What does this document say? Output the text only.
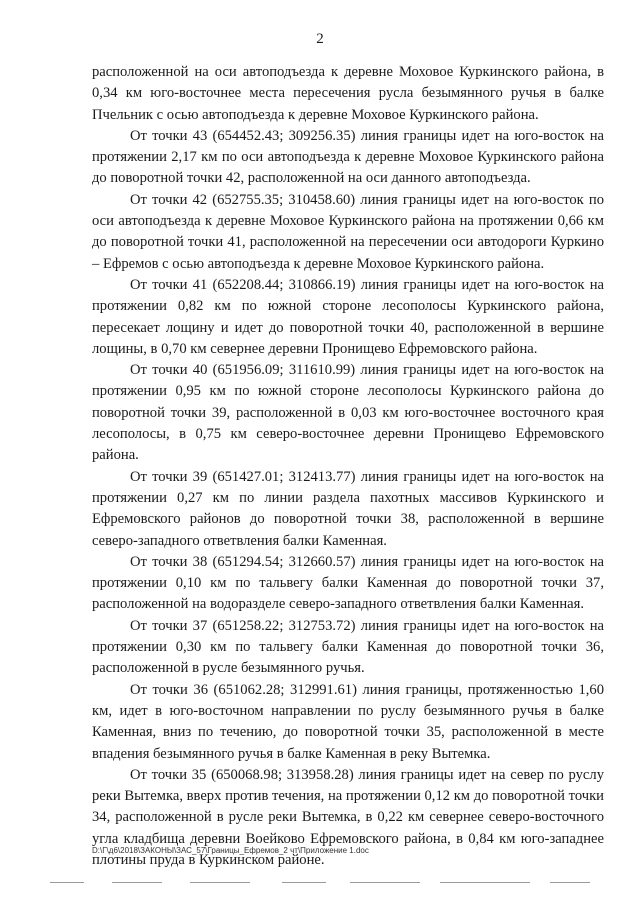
2

расположенной на оси автоподъезда к деревне Моховое Куркинского района, в 0,34 км юго-восточнее места пересечения русла безымянного ручья в балке Пчельник с осью автоподъезда к деревне Моховое Куркинского района.

От точки 43 (654452.43; 309256.35) линия границы идет на юго-восток на протяжении 2,17 км по оси автоподъезда к деревне Моховое Куркинского района до поворотной точки 42, расположенной на оси данного автоподъезда.

От точки 42 (652755.35; 310458.60) линия границы идет на юго-восток по оси автоподъезда к деревне Моховое Куркинского района на протяжении 0,66 км до поворотной точки 41, расположенной на пересечении оси автодороги Куркино – Ефремов с осью автоподъезда к деревне Моховое Куркинского района.

От точки 41 (652208.44; 310866.19) линия границы идет на юго-восток на протяжении 0,82 км по южной стороне лесополосы Куркинского района, пересекает лощину и идет до поворотной точки 40, расположенной в вершине лощины, в 0,70 км севернее деревни Пронищево Ефремовского района.

От точки 40 (651956.09; 311610.99) линия границы идет на юго-восток на протяжении 0,95 км по южной стороне лесополосы Куркинского района до поворотной точки 39, расположенной в 0,03 км юго-восточнее восточного края лесополосы, в 0,75 км северо-восточнее деревни Пронищево Ефремовского района.

От точки 39 (651427.01; 312413.77) линия границы идет на юго-восток на протяжении 0,27 км по линии раздела пахотных массивов Куркинского и Ефремовского районов до поворотной точки 38, расположенной в вершине северо-западного ответвления балки Каменная.

От точки 38 (651294.54; 312660.57) линия границы идет на юго-восток на протяжении 0,10 км по тальвегу балки Каменная до поворотной точки 37, расположенной на водоразделе северо-западного ответвления балки Каменная.

От точки 37 (651258.22; 312753.72) линия границы идет на юго-восток на протяжении 0,30 км по тальвегу балки Каменная до поворотной точки 36, расположенной в русле безымянного ручья.

От точки 36 (651062.28; 312991.61) линия границы, протяженностью 1,60 км, идет в юго-восточном направлении по руслу безымянного ручья в балке Каменная, вниз по течению, до поворотной точки 35, расположенной в месте впадения безымянного ручья в балке Каменная в реку Вытемка.

От точки 35 (650068.98; 313958.28) линия границы идет на север по руслу реки Вытемка, вверх против течения, на протяжении 0,12 км до поворотной точки 34, расположенной в русле реки Вытемка, в 0,22 км севернее северо-восточного угла кладбища деревни Воейково Ефремовского района, в 0,84 км юго-западнее плотины пруда в Куркинском районе.

D:\Г\д6\2018\ЗАКОНЫ\ЗАС_57\Границы_Ефремов_2 чт\Приложение 1.doc
